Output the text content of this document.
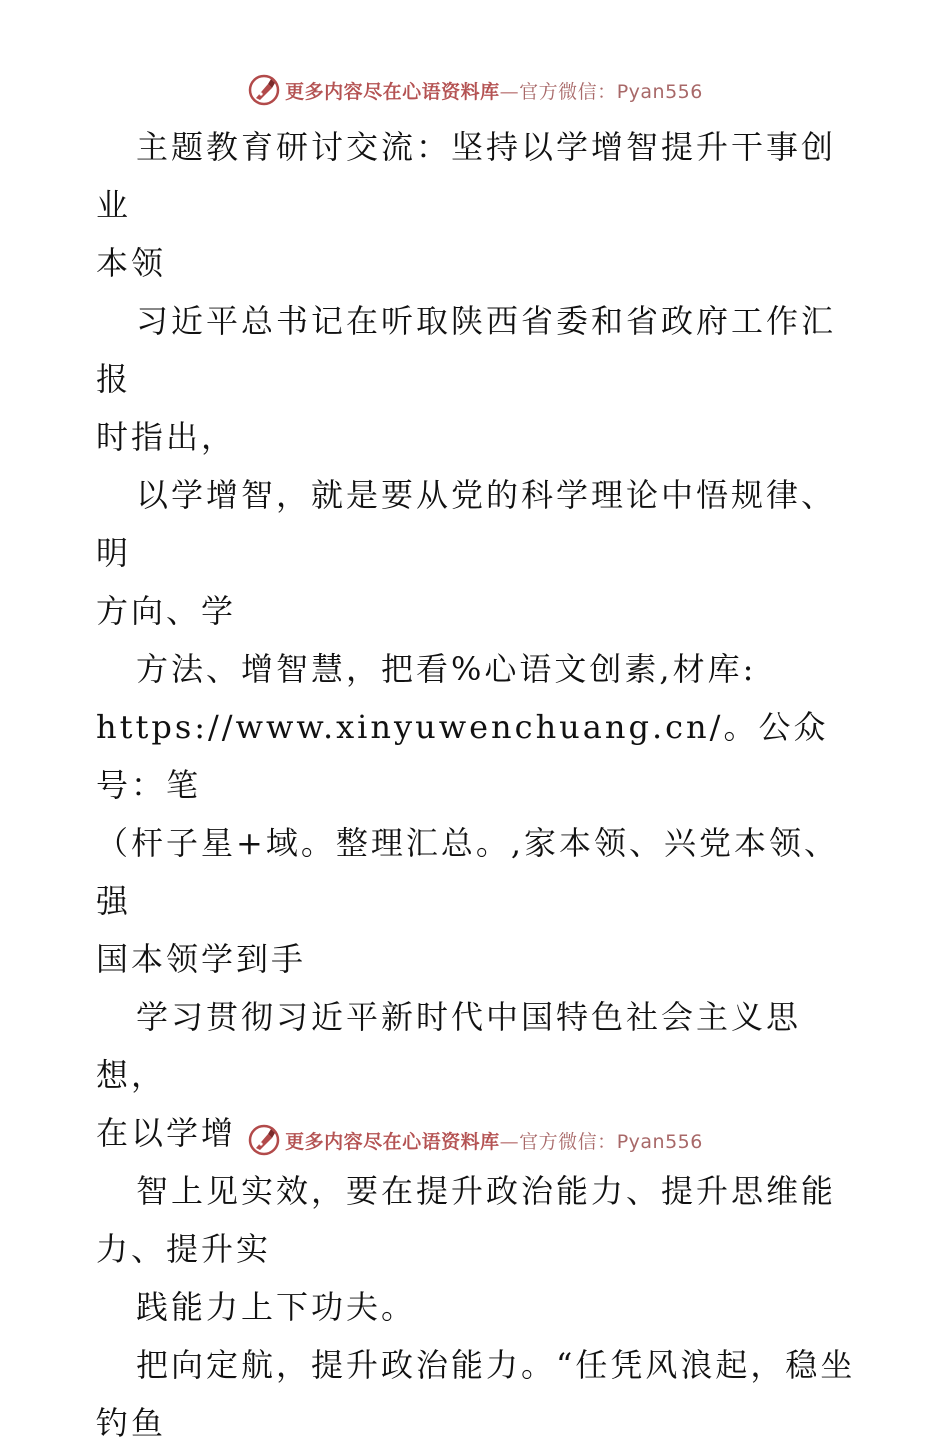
更多内容尽在心语资料库—官方微信：Pyan556

主题教育研讨交流：坚持以学增智提升干事创业

本领

习近平总书记在听取陕西省委和省政府工作汇报

时指出，

以学增智，就是要从党的科学理论中悟规律、明

方向、学

方法、增智慧，把看%心语文创素,材库:

https://www.xinyuwenchuang.cn/。公众号：笔

（杆子星+域。整理汇总。,家本领、兴党本领、强

国本领学到手

学习贯彻习近平新时代中国特色社会主义思想，

在以学增

智上见实效，要在提升政治能力、提升思维能

力、提升实

践能力上下功夫。

把向定航，提升政治能力。“任凭风浪起，稳坐

钓鱼

更多内容尽在心语资料库—官方微信：Pyan556
